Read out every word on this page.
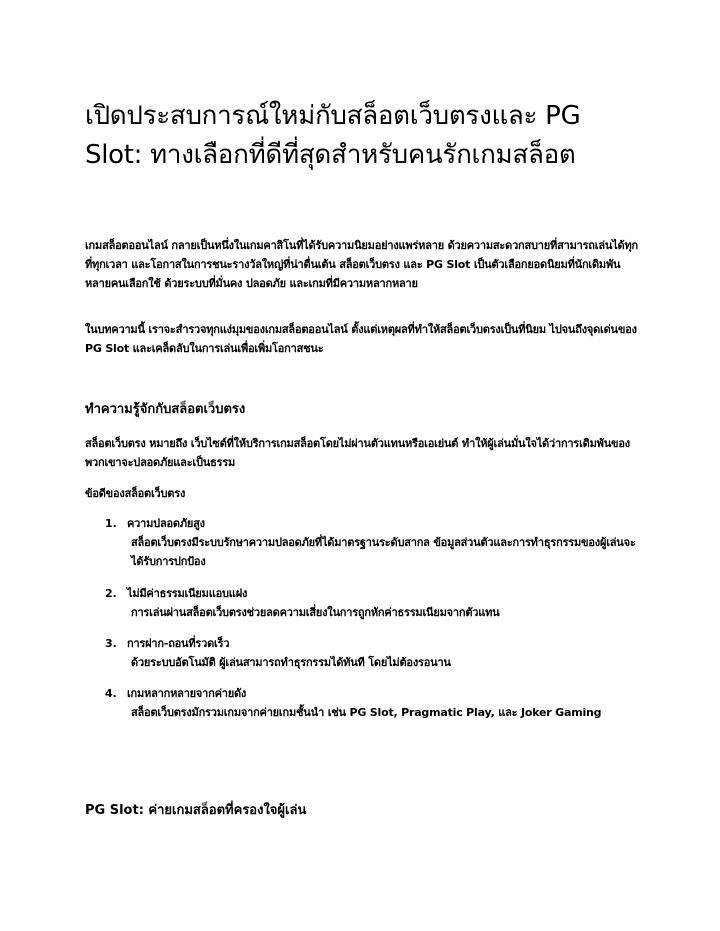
เปิดประสบการณ์ใหม่กับสล็อตเว็บตรงและ PG Slot: ทางเลือกที่ดีที่สุดสำหรับคนรักเกมสล็อต

เกมสล็อตออนไลน์ กลายเป็นหนึ่งในเกมคาสิโนที่ได้รับความนิยมอย่างแพร่หลาย ด้วยความสะดวกสบายที่สามารถเล่นได้ทุกที่ทุกเวลา และโอกาสในการชนะรางวัลใหญ่ที่น่าตื่นเต้น สล็อตเว็บตรง และ PG Slot เป็นตัวเลือกยอดนิยมที่นักเดิมพันหลายคนเลือกใช้ ด้วยระบบที่มั่นคง ปลอดภัย และเกมที่มีความหลากหลาย

ในบทความนี้ เราจะสำรวจทุกแง่มุมของเกมสล็อตออนไลน์ ตั้งแต่เหตุผลที่ทำให้สล็อตเว็บตรงเป็นที่นิยม ไปจนถึงจุดเด่นของ PG Slot และเคล็ดลับในการเล่นเพื่อเพิ่มโอกาสชนะ

ทำความรู้จักกับสล็อตเว็บตรง

สล็อตเว็บตรง หมายถึง เว็บไซต์ที่ให้บริการเกมสล็อตโดยไม่ผ่านตัวแทนหรือเอเย่นต์ ทำให้ผู้เล่นมั่นใจได้ว่าการเดิมพันของพวกเขาจะปลอดภัยและเป็นธรรม

ข้อดีของสล็อตเว็บตรง

1. ความปลอดภัยสูง
สล็อตเว็บตรงมีระบบรักษาความปลอดภัยที่ได้มาตรฐานระดับสากล ข้อมูลส่วนตัวและการทำธุรกรรมของผู้เล่นจะได้รับการปกป้อง
2. ไม่มีค่าธรรมเนียมแอบแฝง
การเล่นผ่านสล็อตเว็บตรงช่วยลดความเสี่ยงในการถูกหักค่าธรรมเนียมจากตัวแทน
3. การฝาก-ถอนที่รวดเร็ว
ด้วยระบบอัตโนมัติ ผู้เล่นสามารถทำธุรกรรมได้ทันที โดยไม่ต้องรอนาน
4. เกมหลากหลายจากค่ายดัง
สล็อตเว็บตรงมักรวมเกมจากค่ายเกมชั้นนำ เช่น PG Slot, Pragmatic Play, และ Joker Gaming
PG Slot: ค่ายเกมสล็อตที่ครองใจผู้เล่น
